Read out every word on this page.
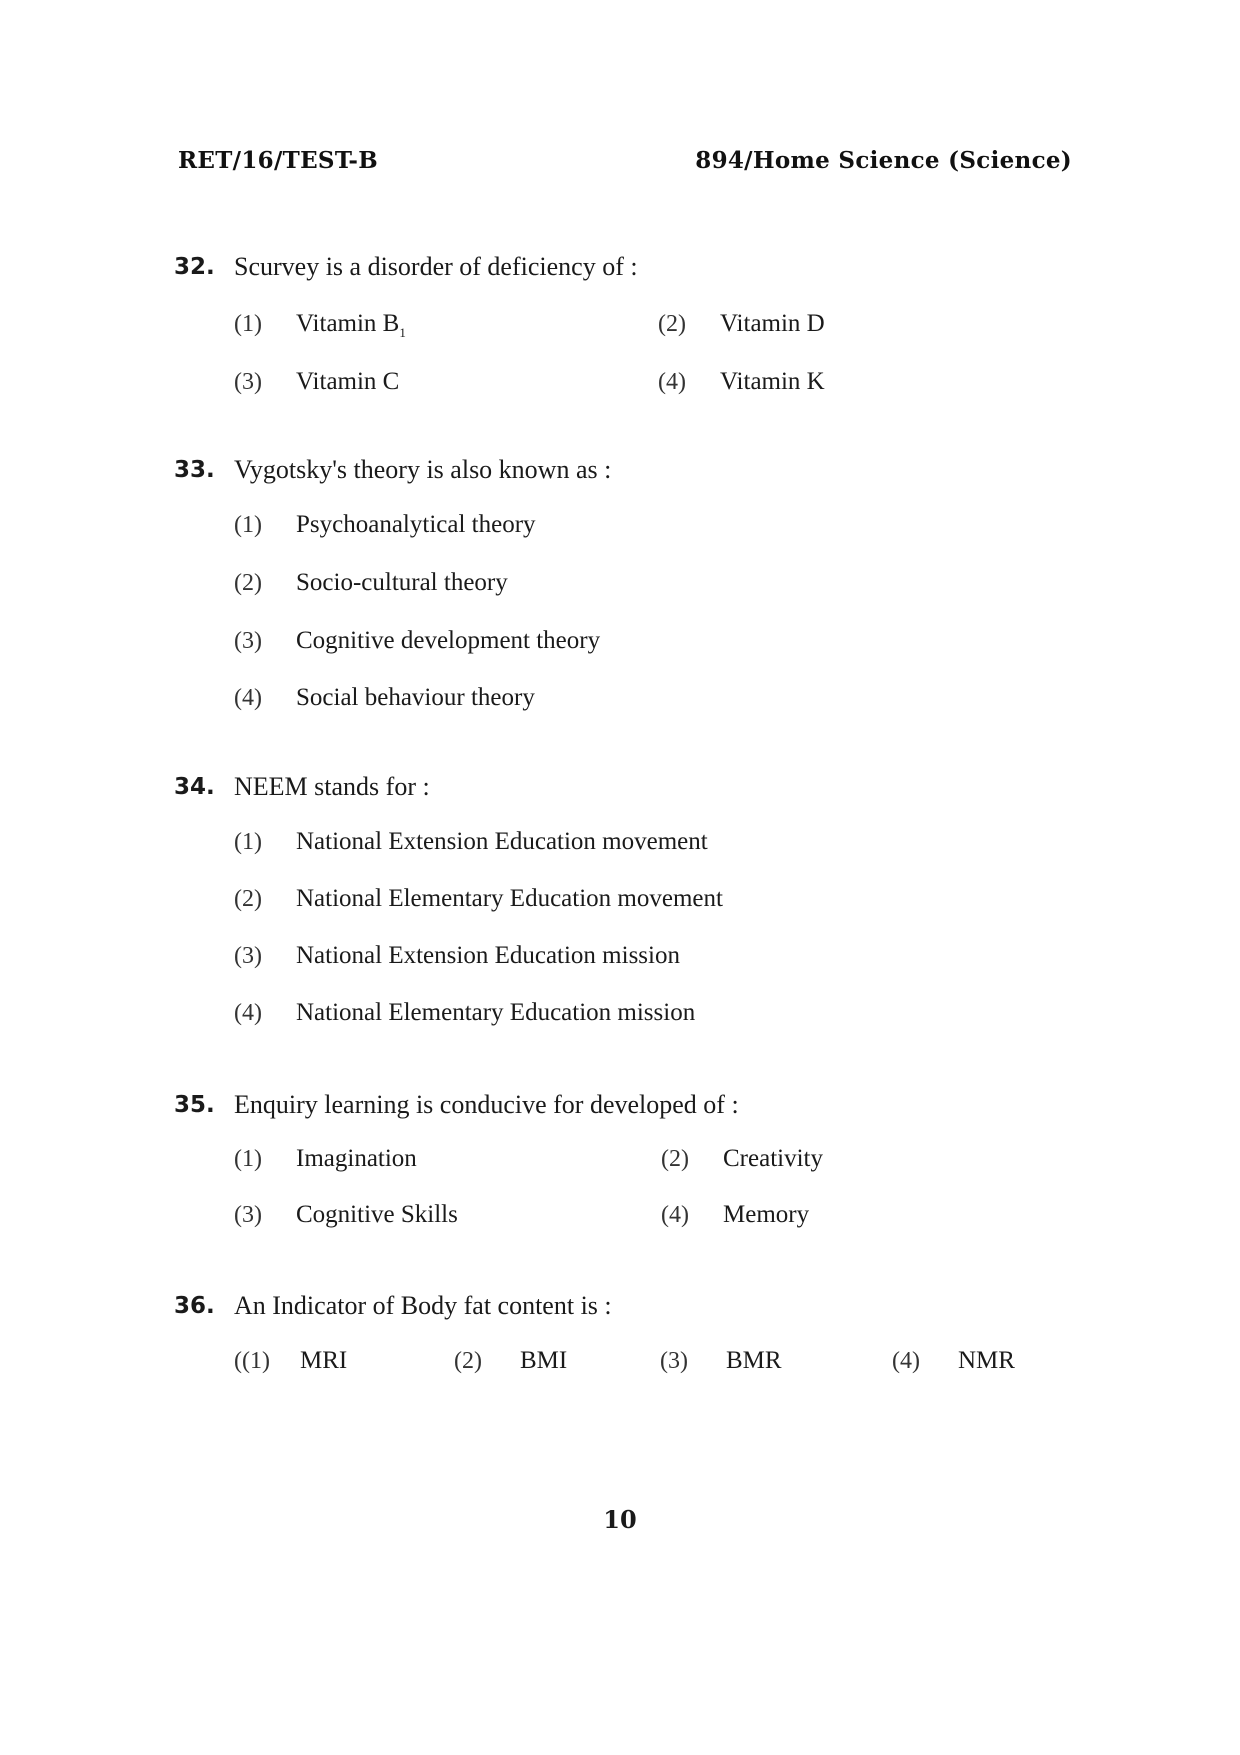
RET/16/TEST-B	894/Home Science (Science)
32. Scurvey is a disorder of deficiency of :
(1) Vitamin $B_1$	(2) Vitamin D
(3) Vitamin C	(4) Vitamin K
33. Vygotsky's theory is also known as :
(1) Psychoanalytical theory
(2) Socio-cultural theory
(3) Cognitive development theory
(4) Social behaviour theory
34. NEEM stands for :
(1) National Extension Education movement
(2) National Elementary Education movement
(3) National Extension Education mission
(4) National Elementary Education mission
35. Enquiry learning is conducive for developed of :
(1) Imagination	(2) Creativity
(3) Cognitive Skills	(4) Memory
36. An Indicator of Body fat content is :
((1) MRI	(2) BMI	(3) BMR	(4) NMR
10
